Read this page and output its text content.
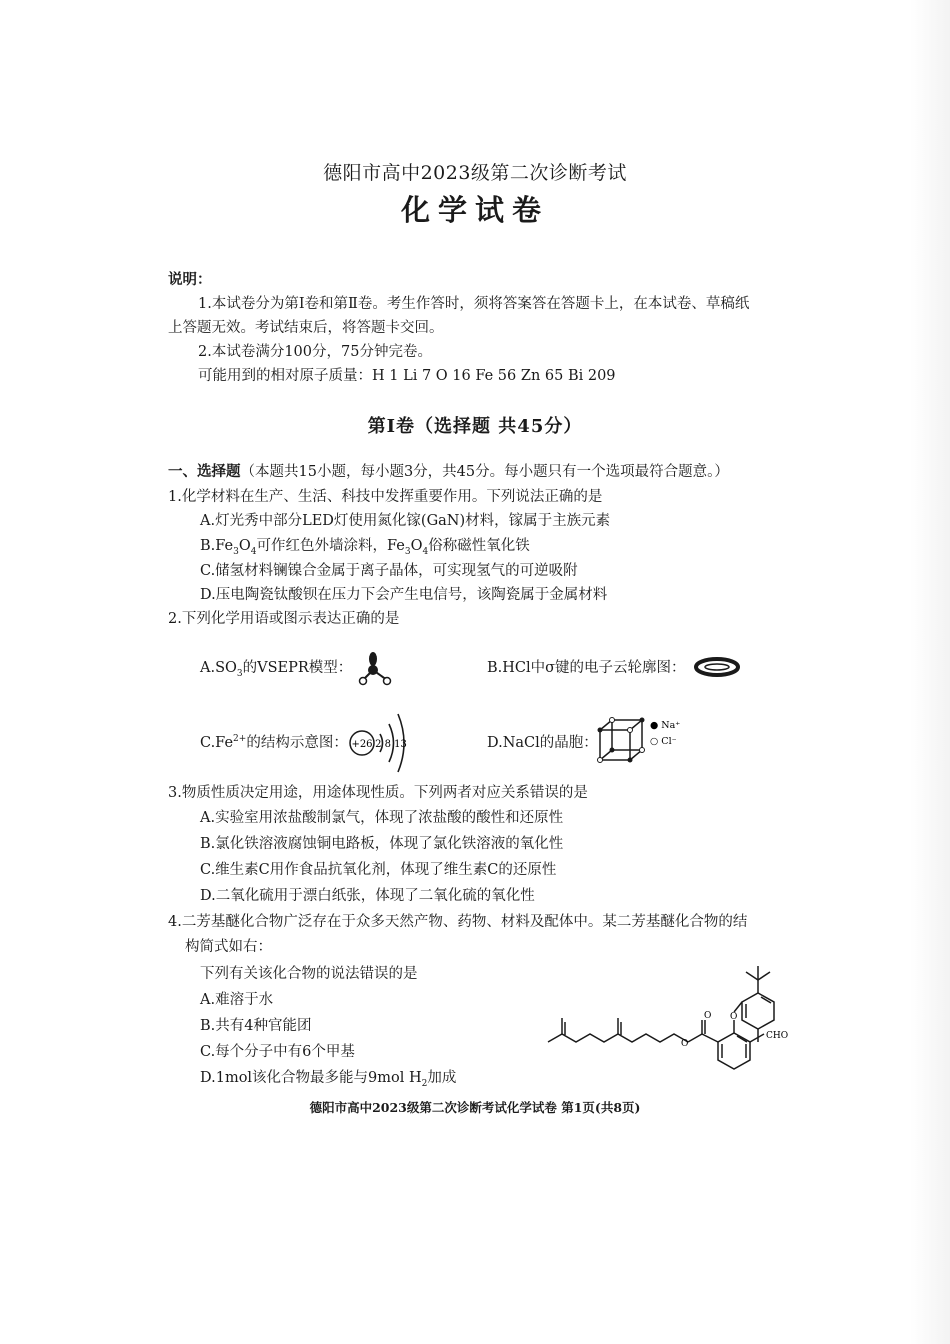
德阳市高中2023级第二次诊断考试
化学试卷
说明：
1.本试卷分为第Ⅰ卷和第Ⅱ卷。考生作答时，须将答案答在答题卡上，在本试卷、草稿纸
上答题无效。考试结束后，将答题卡交回。
2.本试卷满分100分，75分钟完卷。
可能用到的相对原子质量：H 1 Li 7 O 16 Fe 56 Zn 65 Bi 209
第Ⅰ卷（选择题 共45分）
一、选择题（本题共15小题，每小题3分，共45分。每小题只有一个选项最符合题意。）
1.化学材料在生产、生活、科技中发挥重要作用。下列说法正确的是
A.灯光秀中部分LED灯使用氮化镓(GaN)材料，镓属于主族元素
$B.Fe_3O_4$可作红色外墙涂料，$Fe_3O_4$俗称磁性氧化铁
C.储氢材料镧镍合金属于离子晶体，可实现氢气的可逆吸附
D.压电陶瓷钛酸钡在压力下会产生电信号，该陶瓷属于金属材料
2.下列化学用语或图示表达正确的是
$A.SO_3$的VSEPR模型：	B.HCl中σ键的电子云轮廓图：
$C.Fe^{2+}$的结构示意图： +26 2 8 13	D.NaCl的晶胞：
● Na⁺
○ Cl⁻
3.物质性质决定用途，用途体现性质。下列两者对应关系错误的是
A.实验室用浓盐酸制氯气，体现了浓盐酸的酸性和还原性
B.氯化铁溶液腐蚀铜电路板，体现了氯化铁溶液的氧化性
C.维生素C用作食品抗氧化剂，体现了维生素C的还原性
D.二氧化硫用于漂白纸张，体现了二氧化硫的氧化性
4.二芳基醚化合物广泛存在于众多天然产物、药物、材料及配体中。某二芳基醚化合物的结
构简式如右：
下列有关该化合物的说法错误的是
A.难溶于水
B.共有4种官能团
C.每个分子中有6个甲基
D.1mol该化合物最多能与9mol $H_2$加成
O
O
O
CHO
德阳市高中2023级第二次诊断考试化学试卷 第1页(共8页)
